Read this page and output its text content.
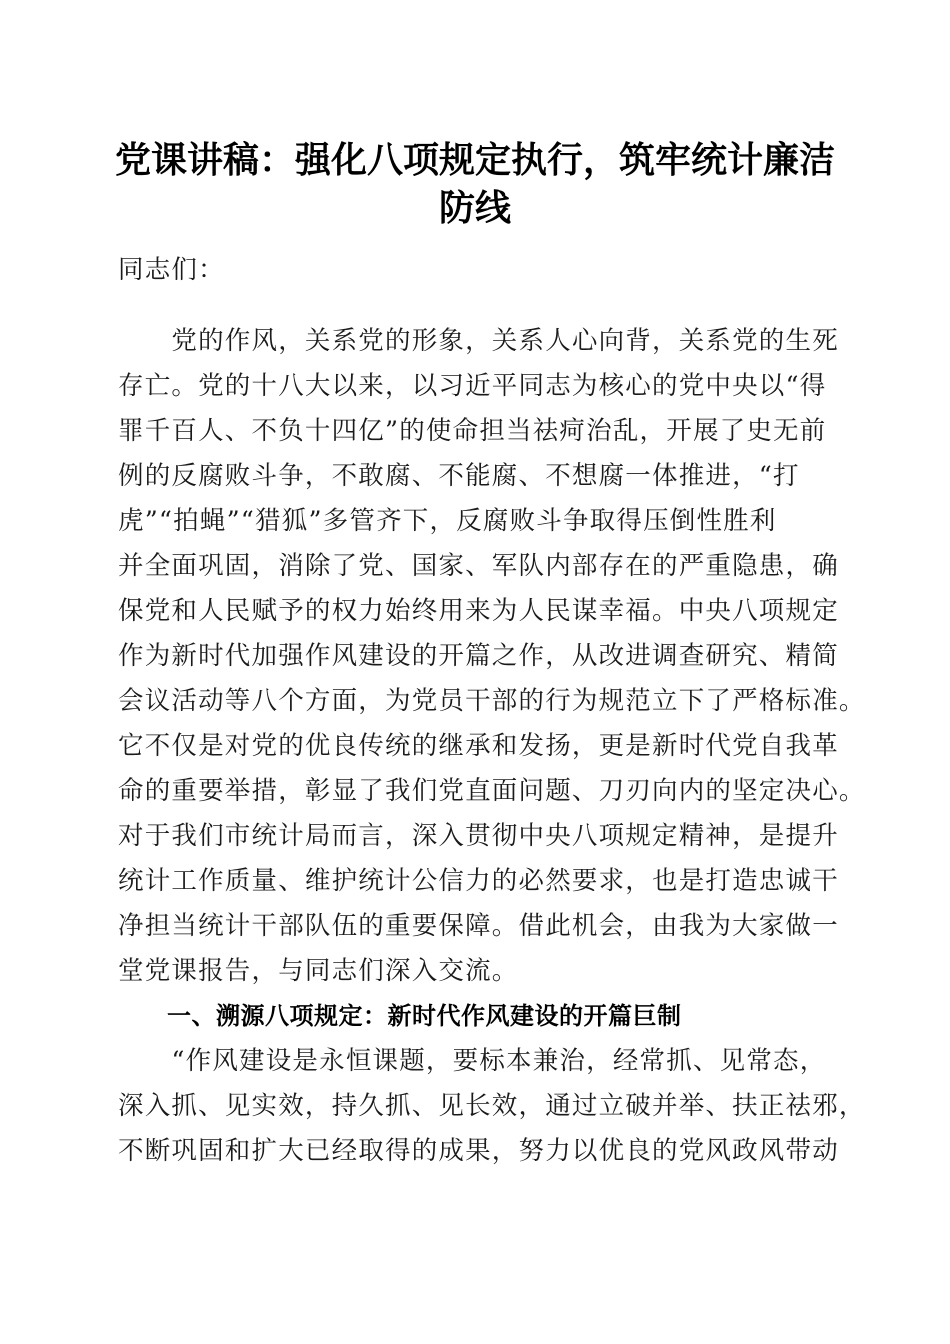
党课讲稿：强化八项规定执行，筑牢统计廉洁
防线
同志们：
　　党的作风，关系党的形象，关系人心向背，关系党的生死
存亡。党的十八大以来，以习近平同志为核心的党中央以“得
罪千百人、不负十四亿”的使命担当祛疴治乱，开展了史无前
例的反腐败斗争，不敢腐、不能腐、不想腐一体推进，“打
虎”“拍蝇”“猎狐”多管齐下，反腐败斗争取得压倒性胜利
并全面巩固，消除了党、国家、军队内部存在的严重隐患，确
保党和人民赋予的权力始终用来为人民谋幸福。中央八项规定
作为新时代加强作风建设的开篇之作，从改进调查研究、精简
会议活动等八个方面，为党员干部的行为规范立下了严格标准。
它不仅是对党的优良传统的继承和发扬，更是新时代党自我革
命的重要举措，彰显了我们党直面问题、刀刃向内的坚定决心。
对于我们市统计局而言，深入贯彻中央八项规定精神，是提升
统计工作质量、维护统计公信力的必然要求，也是打造忠诚干
净担当统计干部队伍的重要保障。借此机会，由我为大家做一
堂党课报告，与同志们深入交流。
　　一、溯源八项规定：新时代作风建设的开篇巨制
　　“作风建设是永恒课题，要标本兼治，经常抓、见常态，
深入抓、见实效，持久抓、见长效，通过立破并举、扶正祛邪，
不断巩固和扩大已经取得的成果，努力以优良的党风政风带动
